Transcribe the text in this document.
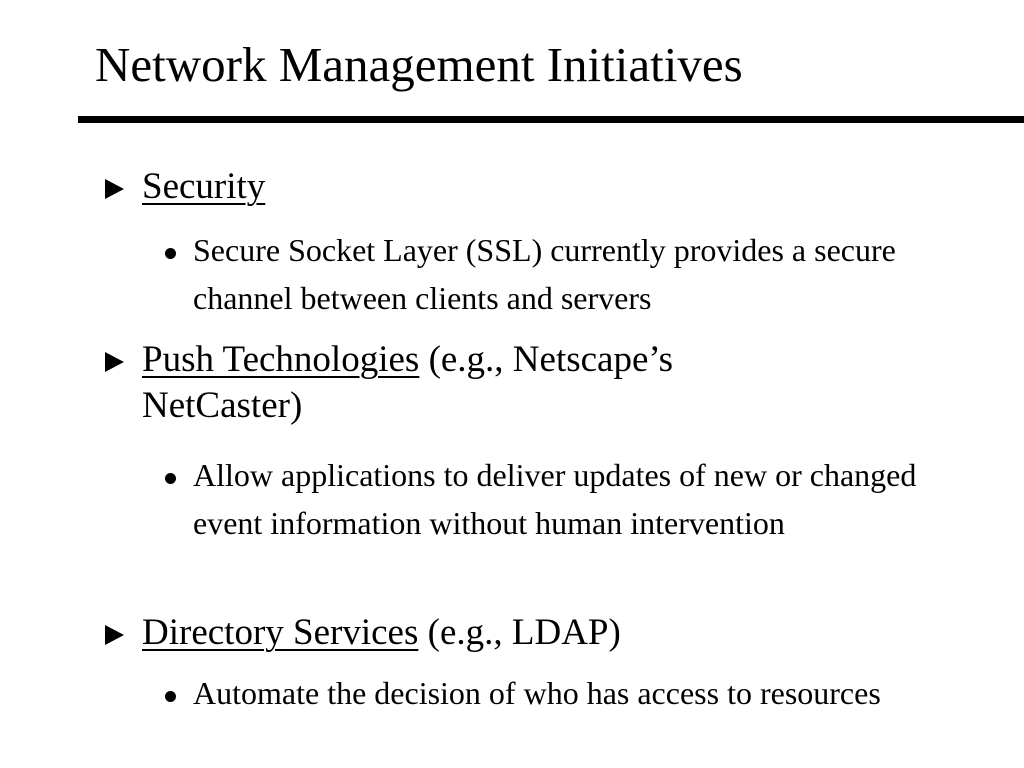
Network Management Initiatives
Security
Secure Socket Layer (SSL) currently provides a secure channel between clients and servers
Push Technologies (e.g., Netscape’s NetCaster)
Allow applications to deliver updates of new or changed event information without human intervention
Directory Services (e.g., LDAP)
Automate the decision of who has access to resources
